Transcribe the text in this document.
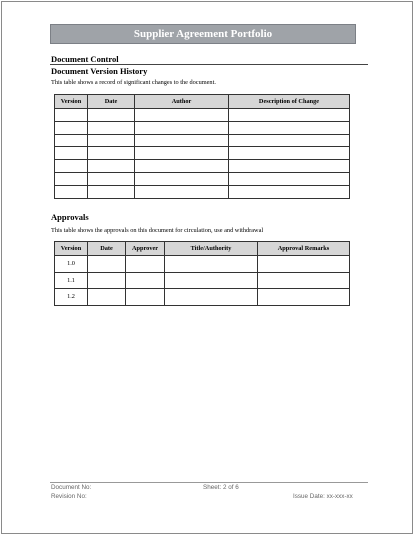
Supplier Agreement Portfolio
Document Control
Document Version History
This table shows a record of significant changes to the document.
Version	Date	Author	Description of Change

Approvals
This table shows the approvals on this document for circulation, use and withdrawal
Version	Date	Approver	Title/Authority	Approval Remarks
1.0				
1.1				
1.2				
Document No:
Revision No:
Sheet: 2 of 6
Issue Date: xx-xxx-xx
